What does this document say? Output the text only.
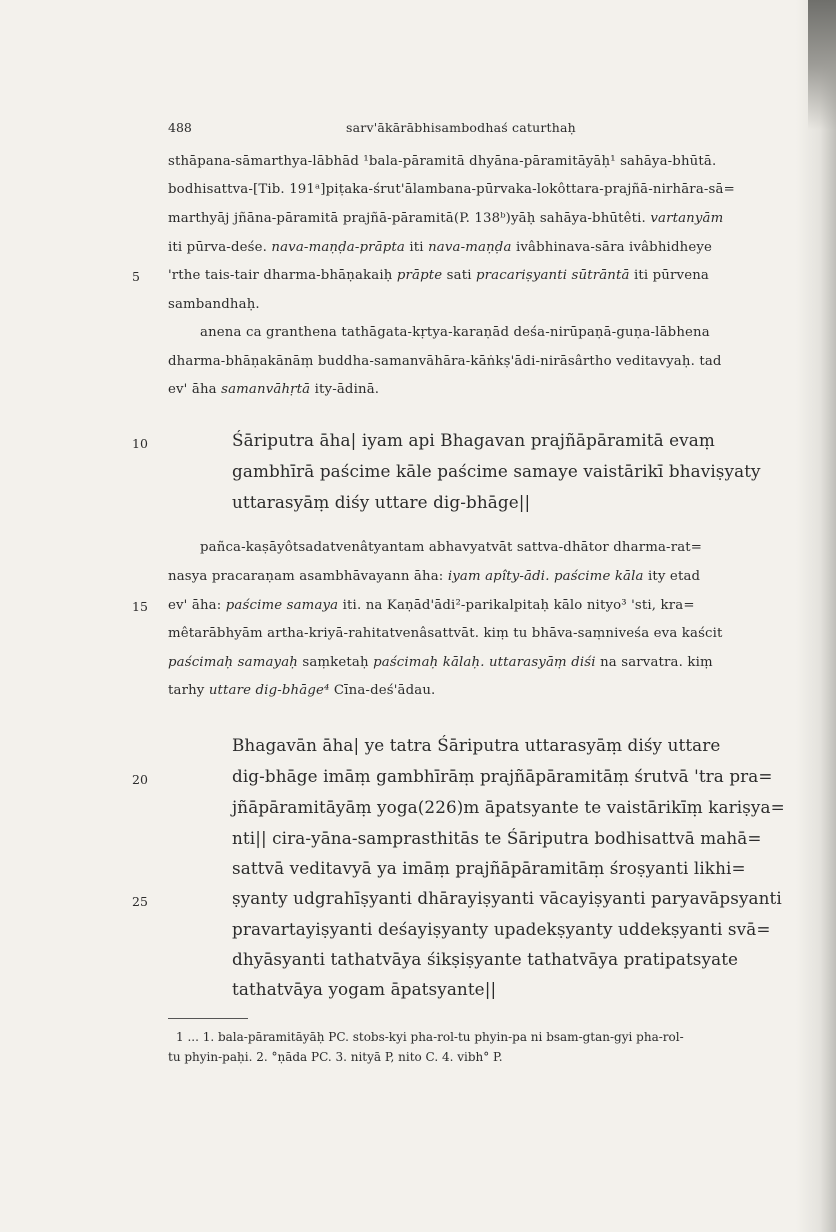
488	sarv'ākārābhisambodhaś caturthaḥ
5
10
15
20
25
sthāpana-sāmarthya-lābhād ¹bala-pāramitā dhyāna-pāramitāyāḥ¹ sahāya-bhūtā.
bodhisattva-[Tib. 191ᵃ]piṭaka-śrut'ālambana-pūrvaka-lokôttara-prajñā-nirhāra-sā=
marthyāj jñāna-pāramitā prajñā-pāramitā(P. 138ᵇ)yāḥ sahāya-bhūtêti. vartanyām
iti pūrva-deśe. nava-maṇḍa-prāpta iti nava-maṇḍa ivâbhinava-sāra ivâbhidheye
'rthe tais-tair dharma-bhāṇakaiḥ prāpte sati pracariṣyanti sūtrāntā iti pūrvena
sambandhaḥ.
anena ca granthena tathāgata-kṛtya-karaṇād deśa-nirūpaṇā-guṇa-lābhena
dharma-bhāṇakānāṃ buddha-samanvāhāra-kāṅkṣ'ādi-nirāsârtho veditavyaḥ. tad
ev' āha samanvāhṛtā ity-ādinā.
Śāriputra āha| iyam api Bhagavan prajñāpāramitā evaṃ
gambhīrā paścime kāle paścime samaye vaistārikī bhaviṣyaty
uttarasyāṃ diśy uttare dig-bhāge||
pañca-kaṣāyôtsadatvenâtyantam abhavyatvāt sattva-dhātor dharma-rat=
nasya pracaraṇam asambhāvayann āha: iyam apîty-ādi. paścime kāla ity etad
ev' āha: paścime samaya iti. na Kaṇād'ādi²-parikalpitaḥ kālo nityo³ 'sti, kra=
mêtarābhyām artha-kriyā-rahitatvenâsattvāt. kiṃ tu bhāva-saṃniveśa eva kaścit
paścimaḥ samayaḥ saṃketaḥ paścimaḥ kālaḥ. uttarasyāṃ diśi na sarvatra. kiṃ
tarhy uttare dig-bhāge⁴ Cīna-deś'ādau.
Bhagavān āha| ye tatra Śāriputra uttarasyāṃ diśy uttare
dig-bhāge imāṃ gambhīrāṃ prajñāpāramitāṃ śrutvā 'tra pra=
jñāpāramitāyāṃ yoga(226)m āpatsyante te vaistārikīṃ kariṣya=
nti|| cira-yāna-samprasthitās te Śāriputra bodhisattvā mahā=
sattvā veditavyā ya imāṃ prajñāpāramitāṃ śroṣyanti likhi=
ṣyanty udgrahīṣyanti dhārayiṣyanti vācayiṣyanti paryavāpsyanti
pravartayiṣyanti deśayiṣyanty upadekṣyanty uddekṣyanti svā=
dhyāsyanti tathatvāya śikṣiṣyante tathatvāya pratipatsyate
tathatvāya yogam āpatsyante||
1 ... 1. bala-pāramitāyāḥ PC. stobs-kyi pha-rol-tu phyin-pa ni bsam-gtan-gyi pha-rol-
tu phyin-paḥi. 2. °ṇāda PC. 3. nityā P, nito C. 4. vibh° P.
